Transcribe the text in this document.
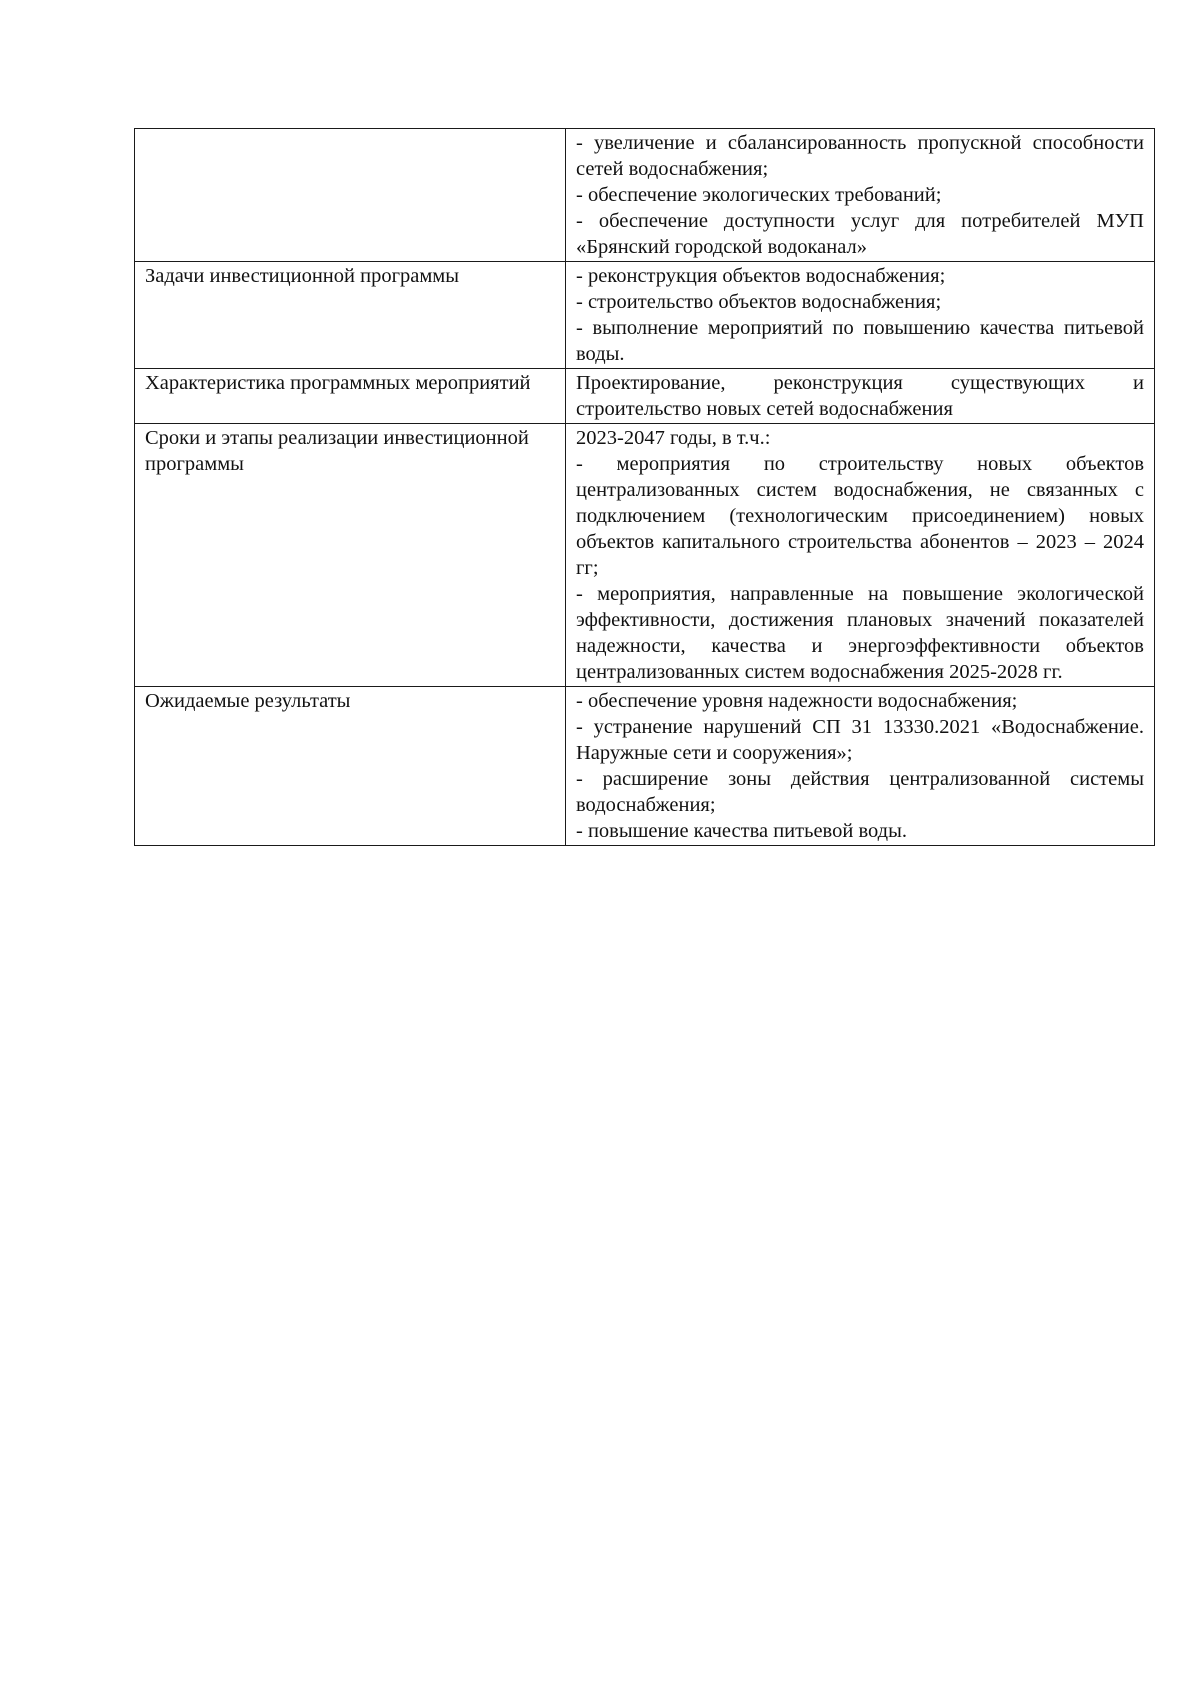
	- увеличение и сбалансированность пропускной способности сетей водоснабжения;
- обеспечение экологических требований;
- обеспечение доступности услуг для потребителей МУП «Брянский городской водоканал»

Задачи инвестиционной программы	- реконструкция объектов водоснабжения;
- строительство объектов водоснабжения;
- выполнение мероприятий по повышению качества питьевой воды.

Характеристика программных мероприятий	Проектирование, реконструкция существующих и строительство новых сетей водоснабжения

Сроки и этапы реализации инвестиционной программы	2023-2047 годы, в т.ч.:
- мероприятия по строительству новых объектов централизованных систем водоснабжения, не связанных с подключением (технологическим присоединением) новых объектов капитального строительства абонентов – 2023 – 2024 гг;
- мероприятия, направленные на повышение экологической эффективности, достижения плановых значений показателей надежности, качества и энергоэффективности объектов централизованных систем водоснабжения 2025-2028 гг.

Ожидаемые результаты	- обеспечение уровня надежности водоснабжения;
- устранение нарушений СП 31 13330.2021 «Водоснабжение. Наружные сети и сооружения»;
- расширение зоны действия централизованной системы водоснабжения;
- повышение качества питьевой воды.
